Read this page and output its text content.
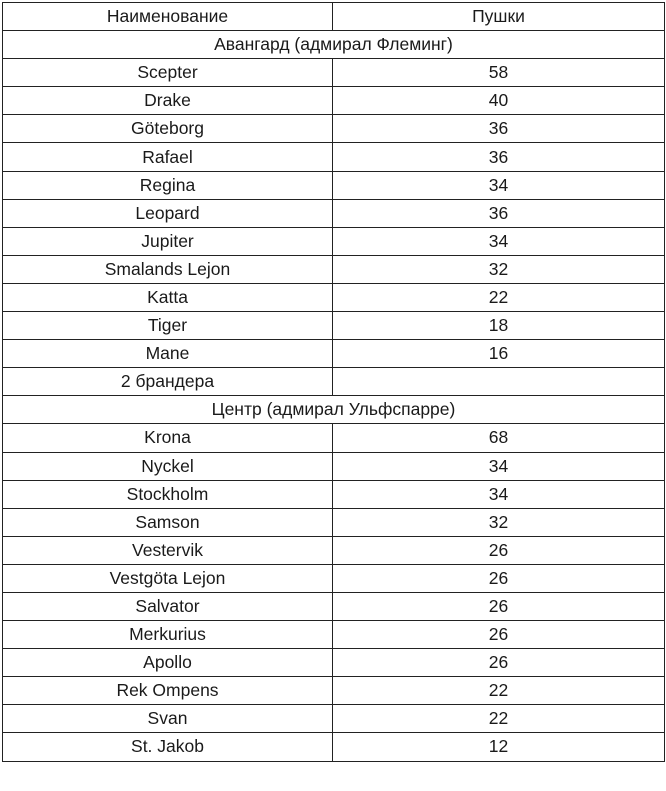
Наименование	Пушки
Авангард (адмирал Флеминг)	
Scepter	58
Drake	40
Göteborg	36
Rafael	36
Regina	34
Leopard	36
Jupiter	34
Smalands Lejon	32
Katta	22
Tiger	18
Mane	16
2 брандера	
Центр (адмирал Ульфспарре)	
Krona	68
Nyckel	34
Stockholm	34
Samson	32
Vestervik	26
Vestgöta Lejon	26
Salvator	26
Merkurius	26
Apollo	26
Rek Ompens	22
Svan	22
St. Jakob	12
